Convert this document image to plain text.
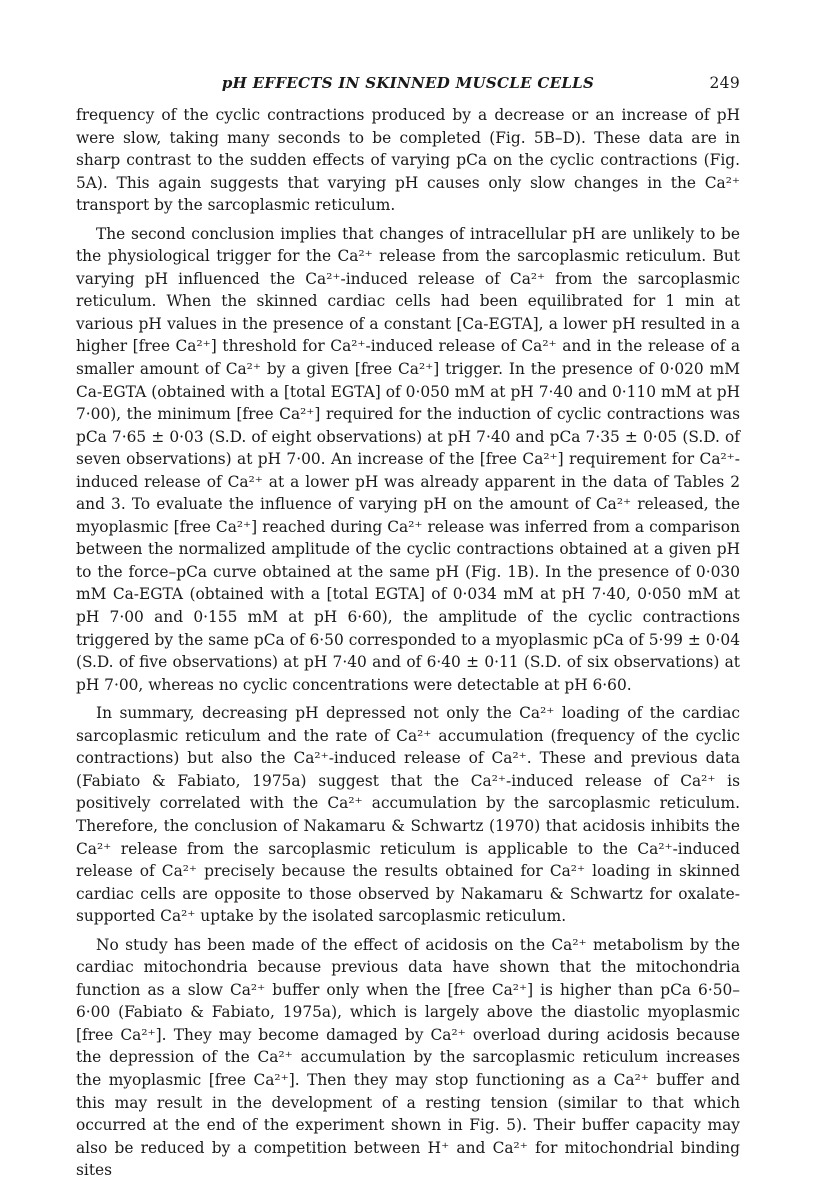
pH EFFECTS IN SKINNED MUSCLE CELLS	249

frequency of the cyclic contractions produced by a decrease or an increase of pH were slow, taking many seconds to be completed (Fig. 5B–D). These data are in sharp contrast to the sudden effects of varying pCa on the cyclic contractions (Fig. 5A). This again suggests that varying pH causes only slow changes in the Ca²⁺ transport by the sarcoplasmic reticulum.

The second conclusion implies that changes of intracellular pH are unlikely to be the physiological trigger for the Ca²⁺ release from the sarcoplasmic reticulum. But varying pH influenced the Ca²⁺-induced release of Ca²⁺ from the sarcoplasmic reticulum. When the skinned cardiac cells had been equilibrated for 1 min at various pH values in the presence of a constant [Ca-EGTA], a lower pH resulted in a higher [free Ca²⁺] threshold for Ca²⁺-induced release of Ca²⁺ and in the release of a smaller amount of Ca²⁺ by a given [free Ca²⁺] trigger. In the presence of 0·020 mM Ca-EGTA (obtained with a [total EGTA] of 0·050 mM at pH 7·40 and 0·110 mM at pH 7·00), the minimum [free Ca²⁺] required for the induction of cyclic contractions was pCa 7·65 ± 0·03 (S.D. of eight observations) at pH 7·40 and pCa 7·35 ± 0·05 (S.D. of seven observations) at pH 7·00. An increase of the [free Ca²⁺] requirement for Ca²⁺-induced release of Ca²⁺ at a lower pH was already apparent in the data of Tables 2 and 3. To evaluate the influence of varying pH on the amount of Ca²⁺ released, the myoplasmic [free Ca²⁺] reached during Ca²⁺ release was inferred from a comparison between the normalized amplitude of the cyclic contractions obtained at a given pH to the force–pCa curve obtained at the same pH (Fig. 1B). In the presence of 0·030 mM Ca-EGTA (obtained with a [total EGTA] of 0·034 mM at pH 7·40, 0·050 mM at pH 7·00 and 0·155 mM at pH 6·60), the amplitude of the cyclic contractions triggered by the same pCa of 6·50 corresponded to a myoplasmic pCa of 5·99 ± 0·04 (S.D. of five observations) at pH 7·40 and of 6·40 ± 0·11 (S.D. of six observations) at pH 7·00, whereas no cyclic concentrations were detectable at pH 6·60.

In summary, decreasing pH depressed not only the Ca²⁺ loading of the cardiac sarcoplasmic reticulum and the rate of Ca²⁺ accumulation (frequency of the cyclic contractions) but also the Ca²⁺-induced release of Ca²⁺. These and previous data (Fabiato & Fabiato, 1975a) suggest that the Ca²⁺-induced release of Ca²⁺ is positively correlated with the Ca²⁺ accumulation by the sarcoplasmic reticulum. Therefore, the conclusion of Nakamaru & Schwartz (1970) that acidosis inhibits the Ca²⁺ release from the sarcoplasmic reticulum is applicable to the Ca²⁺-induced release of Ca²⁺ precisely because the results obtained for Ca²⁺ loading in skinned cardiac cells are opposite to those observed by Nakamaru & Schwartz for oxalate-supported Ca²⁺ uptake by the isolated sarcoplasmic reticulum.

No study has been made of the effect of acidosis on the Ca²⁺ metabolism by the cardiac mitochondria because previous data have shown that the mitochondria function as a slow Ca²⁺ buffer only when the [free Ca²⁺] is higher than pCa 6·50–6·00 (Fabiato & Fabiato, 1975a), which is largely above the diastolic myoplasmic [free Ca²⁺]. They may become damaged by Ca²⁺ overload during acidosis because the depression of the Ca²⁺ accumulation by the sarcoplasmic reticulum increases the myoplasmic [free Ca²⁺]. Then they may stop functioning as a Ca²⁺ buffer and this may result in the development of a resting tension (similar to that which occurred at the end of the experiment shown in Fig. 5). Their buffer capacity may also be reduced by a competition between H⁺ and Ca²⁺ for mitochondrial binding sites
